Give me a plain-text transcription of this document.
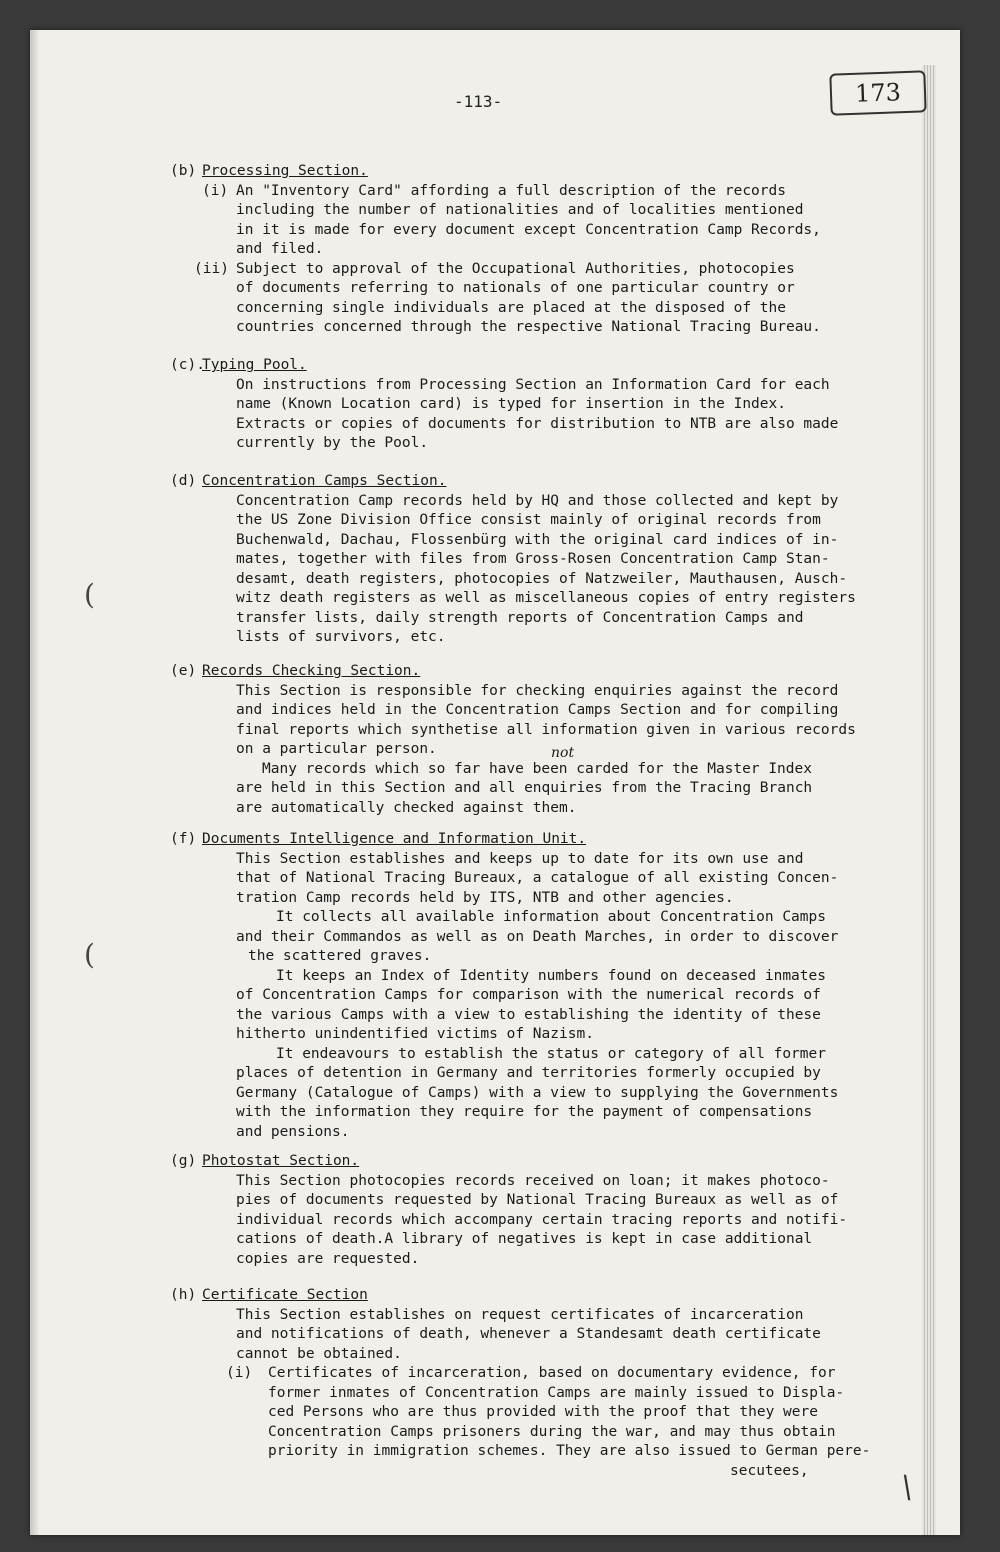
-113-	173
(b) Processing Section.
(i) An "Inventory Card" affording a full description of the records
including the number of nationalities and of localities mentioned
in it is made for every document except Concentration Camp Records,
and filed.
(ii) Subject to approval of the Occupational Authorities, photocopies
of documents referring to nationals of one particular country or
concerning single individuals are placed at the disposed of the
countries concerned through the respective National Tracing Bureau.
(c).Typing Pool.
On instructions from Processing Section an Information Card for each
name (Known Location card) is typed for insertion in the Index.
Extracts or copies of documents for distribution to NTB are also made
currently by the Pool.
(d) Concentration Camps Section.
Concentration Camp records held by HQ and those collected and kept by
the US Zone Division Office consist mainly of original records from
Buchenwald, Dachau, Flossenbürg with the original card indices of in-
mates, together with files from Gross-Rosen Concentration Camp Stan-
desamt, death registers, photocopies of Natzweiler, Mauthausen, Ausch-
witz death registers as well as miscellaneous copies of entry registers
transfer lists, daily strength reports of Concentration Camps and
lists of survivors, etc.
(e) Records Checking Section.
This Section is responsible for checking enquiries against the record
and indices held in the Concentration Camps Section and for compiling
final reports which synthetise all information given in various records
on a particular person.	not
Many records which so far have been carded for the Master Index
are held in this Section and all enquiries from the Tracing Branch
are automatically checked against them.
(f) Documents Intelligence and Information Unit.
This Section establishes and keeps up to date for its own use and
that of National Tracing Bureaux, a catalogue of all existing Concen-
tration Camp records held by ITS, NTB and other agencies.
It collects all available information about Concentration Camps
and their Commandos as well as on Death Marches, in order to discover
the scattered graves.
It keeps an Index of Identity numbers found on deceased inmates
of Concentration Camps for comparison with the numerical records of
the various Camps with a view to establishing the identity of these
hitherto unindentified victims of Nazism.
It endeavours to establish the status or category of all former
places of detention in Germany and territories formerly occupied by
Germany (Catalogue of Camps) with a view to supplying the Governments
with the information they require for the payment of compensations
and pensions.
(g) Photostat Section.
This Section photocopies records received on loan; it makes photoco-
pies of documents requested by National Tracing Bureaux as well as of
individual records which accompany certain tracing reports and notifi-
cations of death.A library of negatives is kept in case additional
copies are requested.
(h) Certificate Section
This Section establishes on request certificates of incarceration
and notifications of death, whenever a Standesamt death certificate
cannot be obtained.
(i) Certificates of incarceration, based on documentary evidence, for
former inmates of Concentration Camps are mainly issued to Displa-
ced Persons who are thus provided with the proof that they were
Concentration Camps prisoners during the war, and may thus obtain
priority in immigration schemes. They are also issued to German pere-
secutees,
(
(
\
